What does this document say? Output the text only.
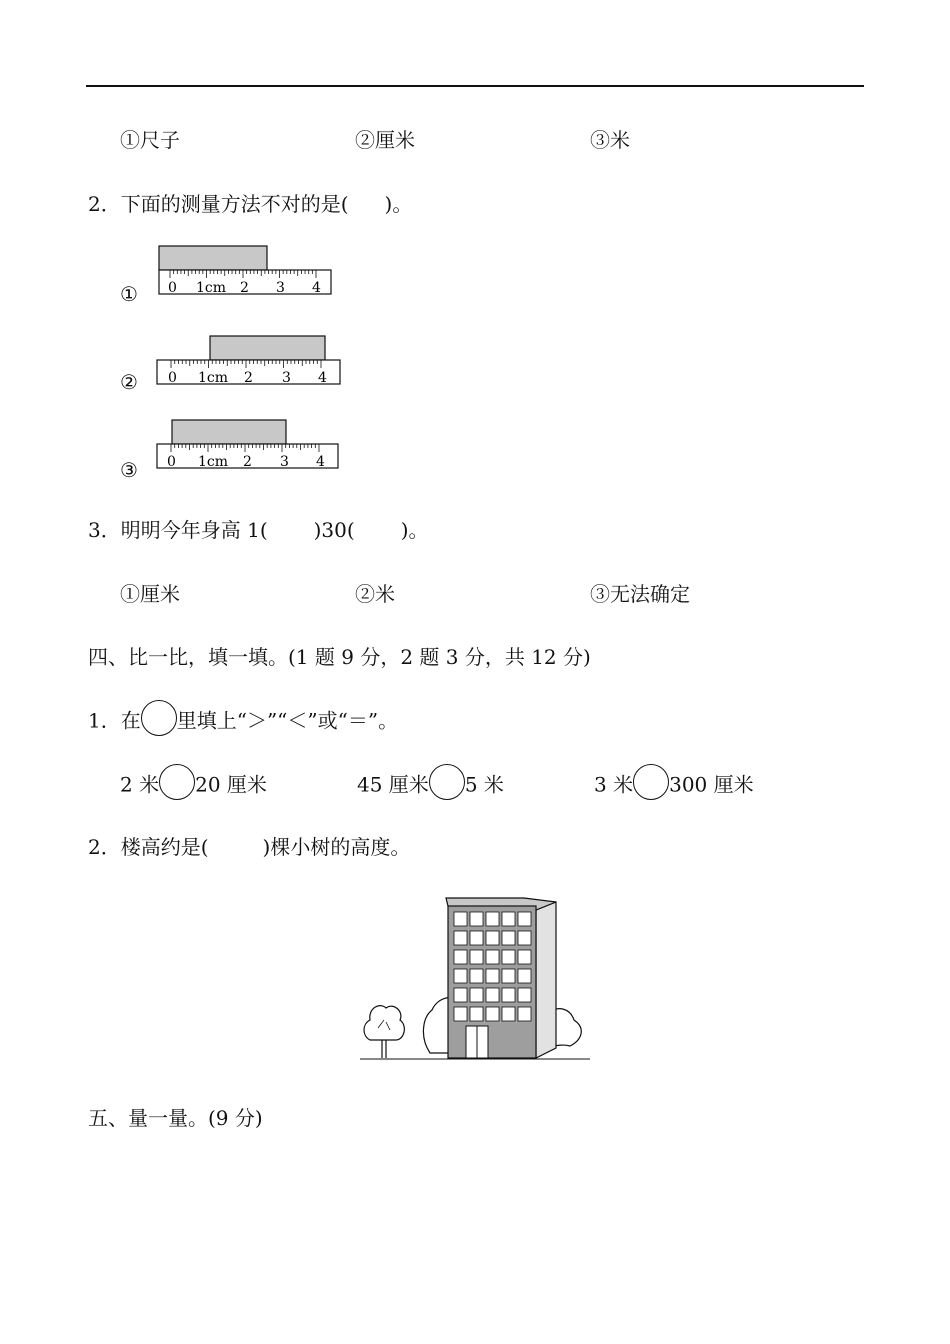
①尺子	②厘米	③米
2．下面的测量方法不对的是( )。
①
②
③
0 1cm 2 3 4
0 1cm 2 3 4
0 1cm 2 3 4
3．明明今年身高 1( )30( )。
①厘米	②米	③无法确定
四、比一比，填一填。(1 题 9 分，2 题 3 分，共 12 分)
1．在 里填上“＞”“＜”或“＝”。
2 米 20 厘米	45 厘米 5 米	3 米 300 厘米
2．楼高约是(	)棵小树的高度。
五、量一量。(9 分)
